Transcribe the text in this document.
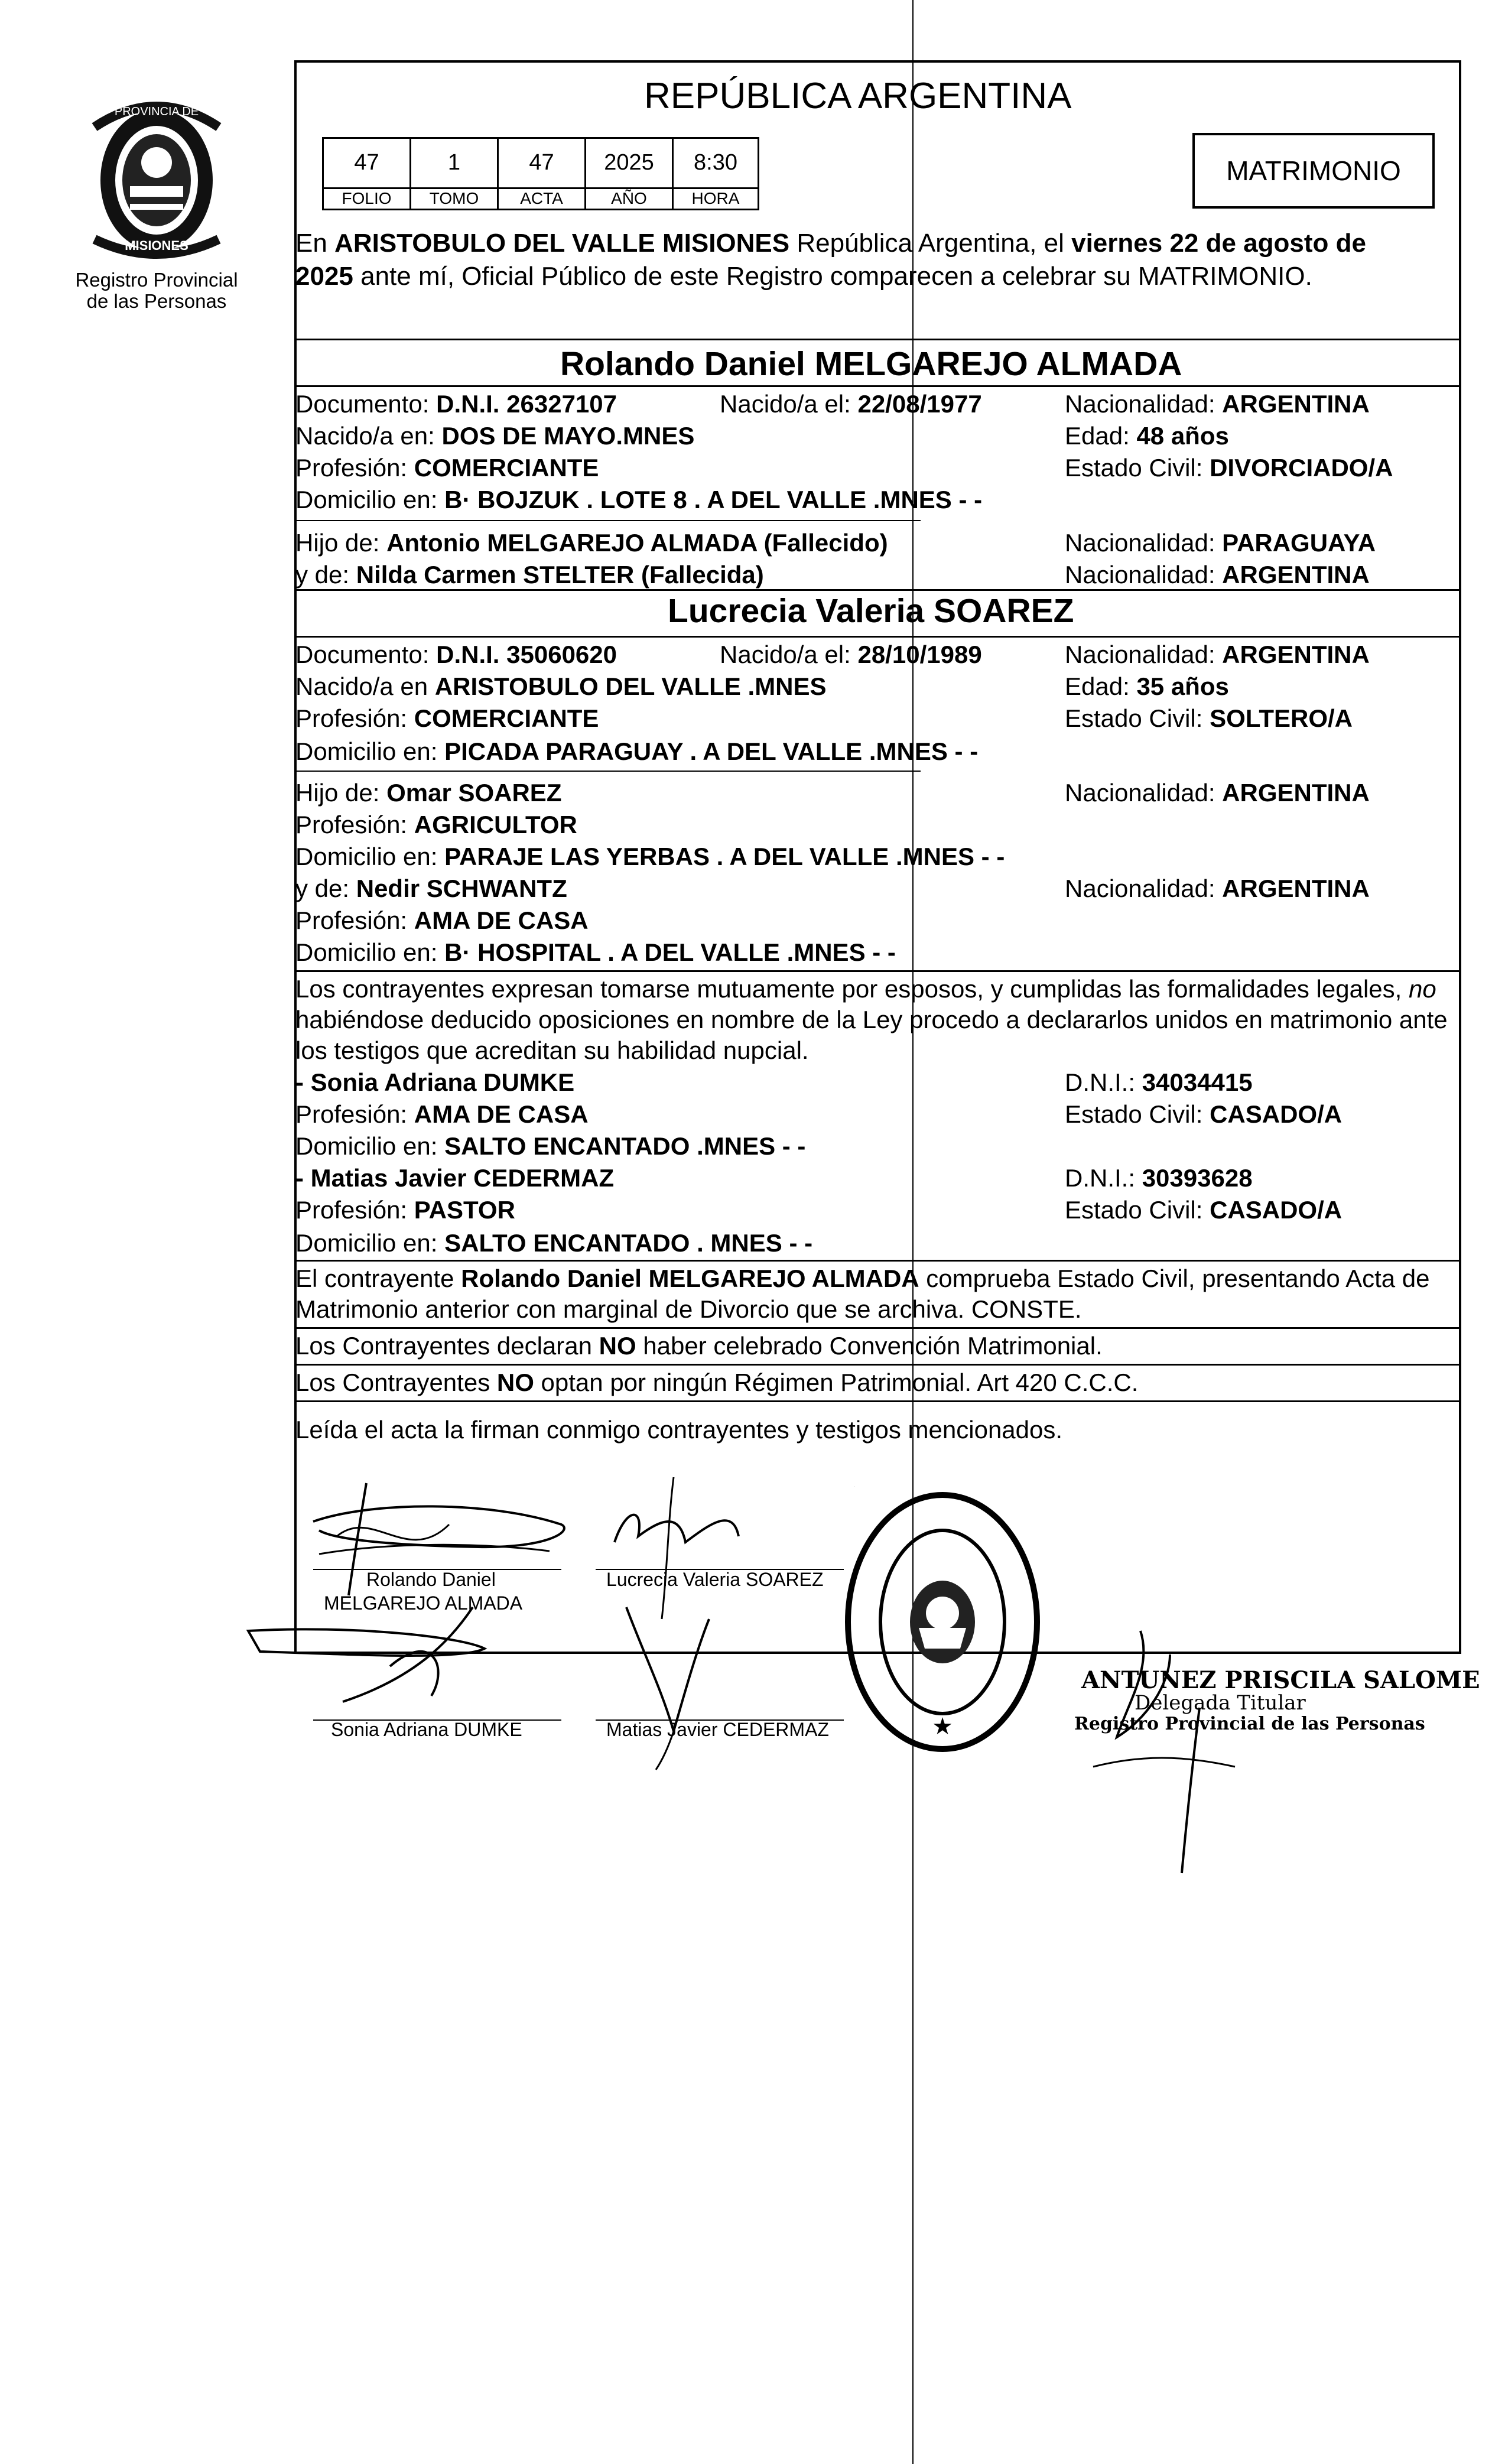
PROVINCIA DE
MISIONES
Registro Provincial
de las Personas
REPÚBLICA ARGENTINA
47	1	47	2025	8:30
FOLIO	TOMO	ACTA	AÑO	HORA
MATRIMONIO
En ARISTOBULO DEL VALLE MISIONES República Argentina, el viernes 22 de agosto de
2025 ante mí, Oficial Público de este Registro comparecen a celebrar su MATRIMONIO.
Rolando Daniel MELGAREJO ALMADA
Documento: D.N.I. 26327107	Nacido/a el: 22/08/1977	Nacionalidad: ARGENTINA
Nacido/a en: DOS DE MAYO.MNES	Edad: 48 años
Profesión: COMERCIANTE	Estado Civil: DIVORCIADO/A
Domicilio en: B· BOJZUK . LOTE 8 . A DEL VALLE .MNES - -
Hijo de: Antonio MELGAREJO ALMADA (Fallecido)	Nacionalidad: PARAGUAYA
y de: Nilda Carmen STELTER (Fallecida)	Nacionalidad: ARGENTINA
Lucrecia Valeria SOAREZ
Documento: D.N.I. 35060620	Nacido/a el: 28/10/1989	Nacionalidad: ARGENTINA
Nacido/a en ARISTOBULO DEL VALLE .MNES	Edad: 35 años
Profesión: COMERCIANTE	Estado Civil: SOLTERO/A
Domicilio en: PICADA PARAGUAY . A DEL VALLE .MNES - -
Hijo de: Omar SOAREZ	Nacionalidad: ARGENTINA
Profesión: AGRICULTOR
Domicilio en: PARAJE LAS YERBAS . A DEL VALLE .MNES - -
y de: Nedir SCHWANTZ	Nacionalidad: ARGENTINA
Profesión: AMA DE CASA
Domicilio en: B· HOSPITAL . A DEL VALLE .MNES - -
Los contrayentes expresan tomarse mutuamente por esposos, y cumplidas las formalidades legales, no
habiéndose deducido oposiciones en nombre de la Ley procedo a declararlos unidos en matrimonio ante
los testigos que acreditan su habilidad nupcial.
- Sonia Adriana DUMKE	D.N.I.: 34034415
Profesión: AMA DE CASA	Estado Civil: CASADO/A
Domicilio en: SALTO ENCANTADO .MNES - -
- Matias Javier CEDERMAZ	D.N.I.: 30393628
Profesión: PASTOR	Estado Civil: CASADO/A
Domicilio en: SALTO ENCANTADO . MNES - -
El contrayente Rolando Daniel MELGAREJO ALMADA comprueba Estado Civil, presentando Acta de
Matrimonio anterior con marginal de Divorcio que se archiva. CONSTE.
Los Contrayentes declaran NO haber celebrado Convención Matrimonial.
Los Contrayentes NO optan por ningún Régimen Patrimonial. Art 420 C.C.C.
Leída el acta la firman conmigo contrayentes y testigos mencionados.
Rolando Daniel
MELGAREJO ALMADA
Lucrecia Valeria SOAREZ
Sonia Adriana DUMKE	Matias Javier CEDERMAZ	★
ANTUNEZ PRISCILA SALOME
Delegada Titular
Registro Provincial de las Personas
